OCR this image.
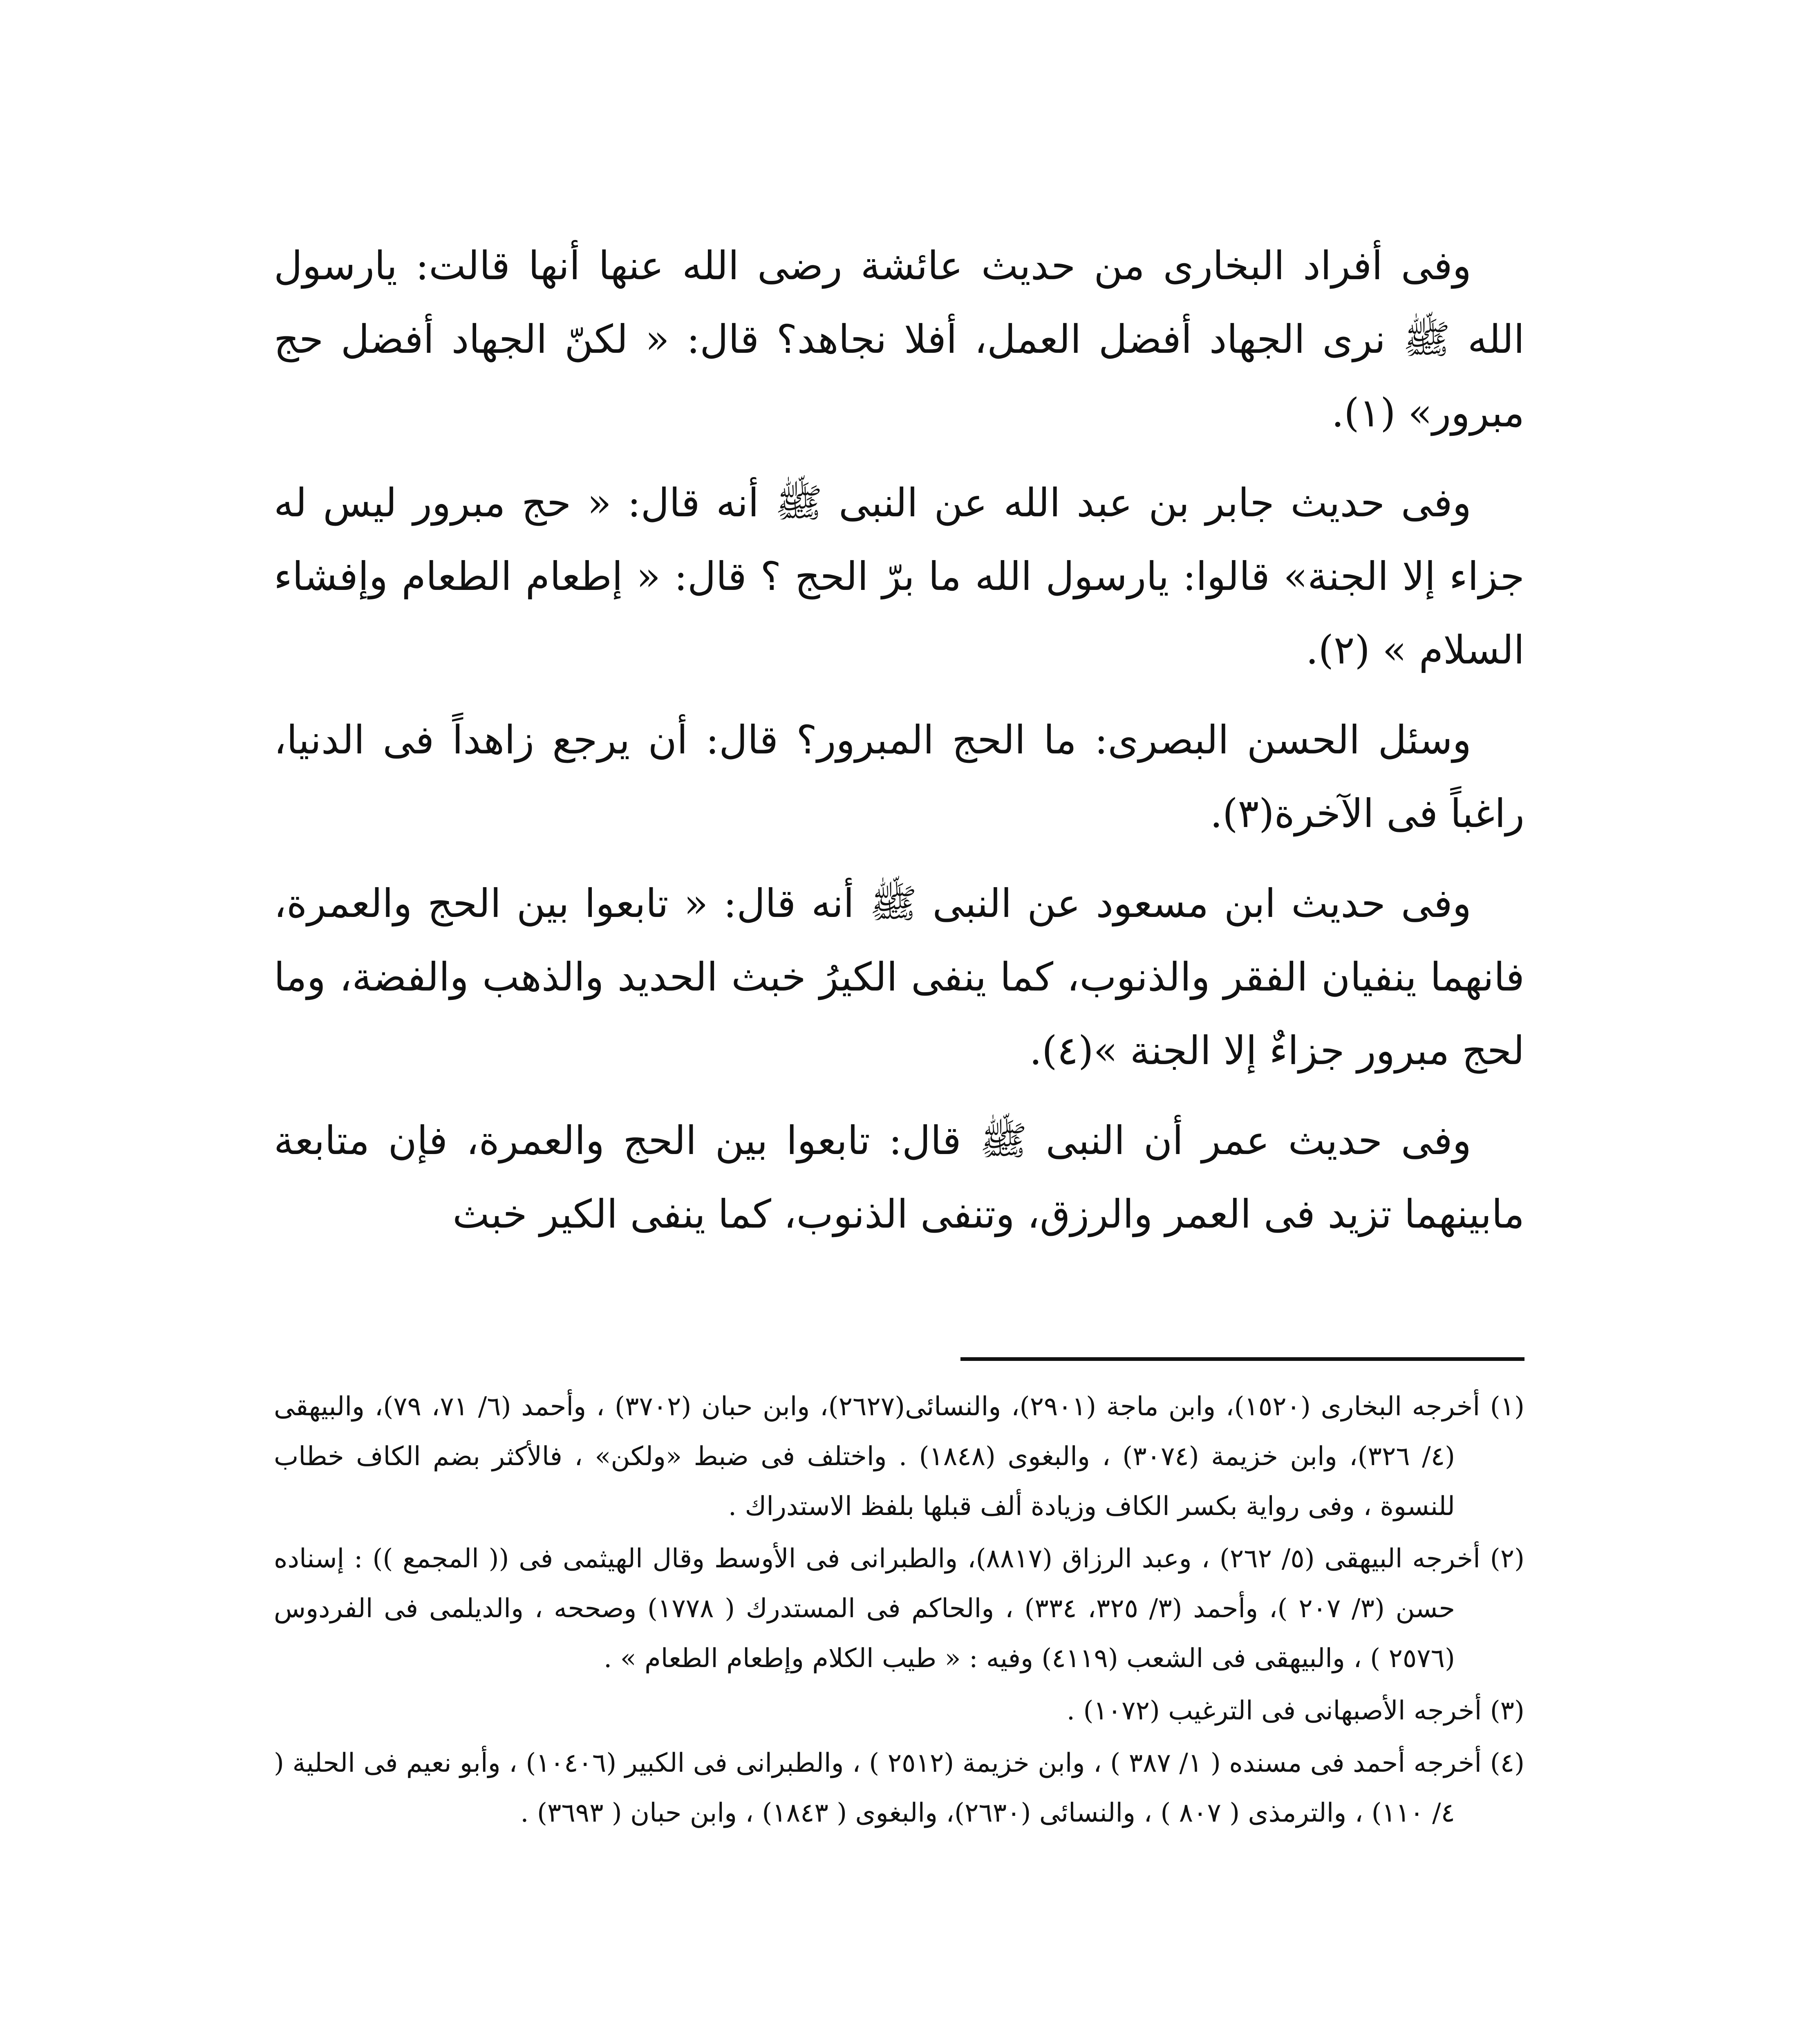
وفى أفراد البخارى من حديث عائشة رضى الله عنها أنها قالت: يارسول الله ﷺ نرى الجهاد أفضل العمل، أفلا نجاهد؟ قال: « لكنّ الجهاد أفضل حج مبرور» (١).

وفى حديث جابر بن عبد الله عن النبى ﷺ أنه قال: « حج مبرور ليس له جزاء إلا الجنة» قالوا: يارسول الله ما برّ الحج ؟ قال: « إطعام الطعام وإفشاء السلام » (٢).

وسئل الحسن البصرى: ما الحج المبرور؟ قال: أن يرجع زاهداً فى الدنيا، راغباً فى الآخرة(٣).

وفى حديث ابن مسعود عن النبى ﷺ أنه قال: « تابعوا بين الحج والعمرة، فانهما ينفيان الفقر والذنوب، كما ينفى الكيرُ خبث الحديد والذهب والفضة، وما لحج مبرور جزاءٌ إلا الجنة »(٤).

وفى حديث عمر أن النبى ﷺ قال: تابعوا بين الحج والعمرة، فإن متابعة مابينهما تزيد فى العمر والرزق، وتنفى الذنوب، كما ينفى الكير خبث

(١) أخرجه البخارى (١٥٢٠)، وابن ماجة (٢٩٠١)، والنسائى(٢٦٢٧)، وابن حبان (٣٧٠٢) ، وأحمد (٦/ ٧١، ٧٩)، والبيهقى (٤/ ٣٢٦)، وابن خزيمة (٣٠٧٤) ، والبغوى (١٨٤٨) . واختلف فى ضبط «ولكن» ، فالأكثر بضم الكاف خطاب للنسوة ، وفى رواية بكسر الكاف وزيادة ألف قبلها بلفظ الاستدراك .

(٢) أخرجه البيهقى (٥/ ٢٦٢) ، وعبد الرزاق (٨٨١٧)، والطبرانى فى الأوسط وقال الهيثمى فى (( المجمع )) : إسناده حسن (٣/ ٢٠٧ )، وأحمد (٣/ ٣٢٥، ٣٣٤) ، والحاكم فى المستدرك ( ١٧٧٨) وصححه ، والديلمى فى الفردوس (٢٥٧٦ ) ، والبيهقى فى الشعب (٤١١٩) وفيه : « طيب الكلام وإطعام الطعام » .

(٣) أخرجه الأصبهانى فى الترغيب (١٠٧٢) .

(٤) أخرجه أحمد فى مسنده ( ١/ ٣٨٧ ) ، وابن خزيمة (٢٥١٢ ) ، والطبرانى فى الكبير (١٠٤٠٦) ، وأبو نعيم فى الحلية ( ٤/ ١١٠) ، والترمذى ( ٨٠٧ ) ، والنسائى (٢٦٣٠)، والبغوى ( ١٨٤٣) ، وابن حبان ( ٣٦٩٣) .
